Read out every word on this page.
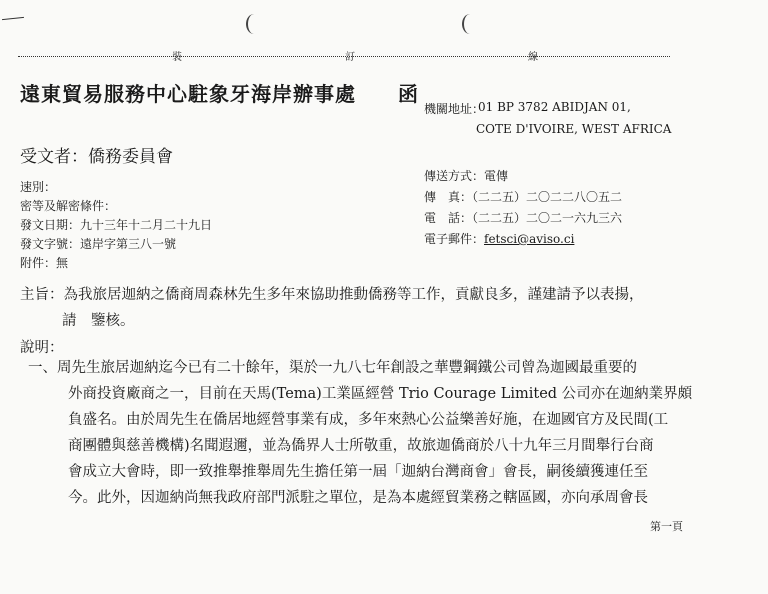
裝	訂	線
遠東貿易服務中心駐象牙海岸辦事處 函
機關地址：
01 BP 3782 ABIDJAN 01,
COTE D'IVOIRE, WEST AFRICA
受文者：僑務委員會
速別：
密等及解密條件：
發文日期：九十三年十二月二十九日
發文字號：遠岸字第三八一號
附件：無
傳送方式：電傳
傳　真：（二二五）二〇二二八〇五二
電　話：（二二五）二〇二一六九三六
電子郵件：fetsci@aviso.ci
主旨：為我旅居迦納之僑商周森林先生多年來協助推動僑務等工作，貢獻良多，謹建請予以表揚，
請　鑒核。
說明：
一、周先生旅居迦納迄今已有二十餘年，渠於一九八七年創設之華豐鋼鐵公司曾為迦國最重要的
外商投資廠商之一，目前在天馬(Tema)工業區經營 Trio Courage Limited 公司亦在迦納業界頗
負盛名。由於周先生在僑居地經營事業有成，多年來熱心公益樂善好施，在迦國官方及民間(工
商團體與慈善機構)名聞遐邇，並為僑界人士所敬重，故旅迦僑商於八十九年三月間舉行台商
會成立大會時，即一致推舉推舉周先生擔任第一屆「迦納台灣商會」會長，嗣後續獲連任至
今。此外，因迦納尚無我政府部門派駐之單位，是為本處經貿業務之轄區國，亦向承周會長
第一頁
